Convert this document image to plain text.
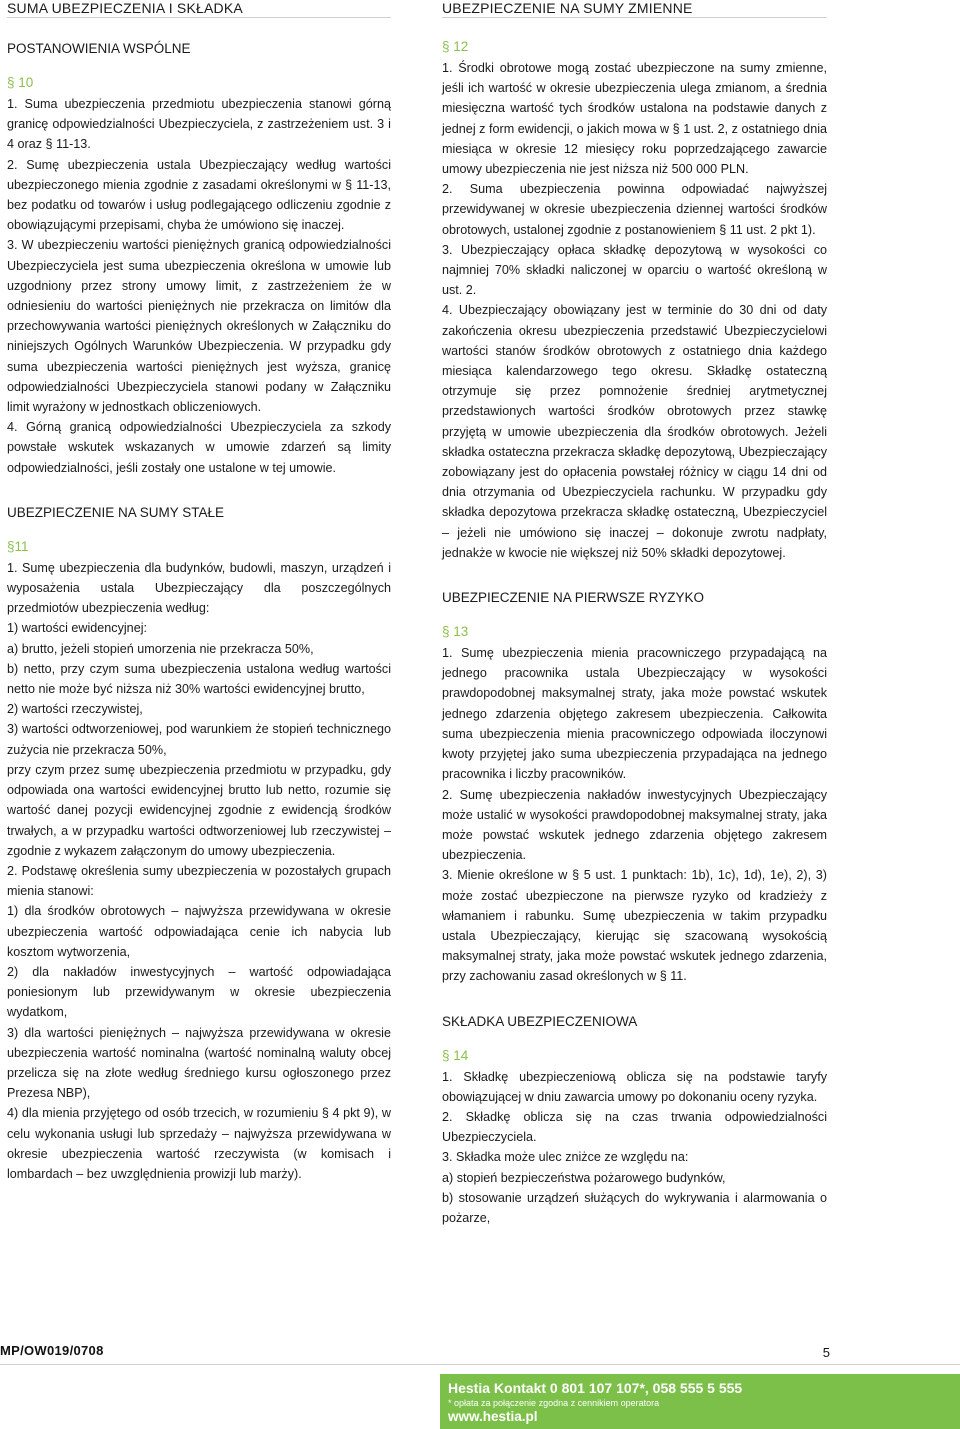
SUMA UBEZPIECZENIA I SKŁADKA
POSTANOWIENIA WSPÓLNE
§ 10

1. Suma ubezpieczenia przedmiotu ubezpieczenia stanowi górną granicę odpowiedzialności Ubezpieczyciela, z zastrzeżeniem ust. 3 i 4 oraz § 11-13.

2. Sumę ubezpieczenia ustala Ubezpieczający według wartości ubezpieczonego mienia zgodnie z zasadami określonymi w § 11-13, bez podatku od towarów i usług podlegającego odliczeniu zgodnie z obowiązującymi przepisami, chyba że umówiono się inaczej.

3. W ubezpieczeniu wartości pieniężnych granicą odpowiedzialności Ubezpieczyciela jest suma ubezpieczenia określona w umowie lub uzgodniony przez strony umowy limit, z zastrzeżeniem że w odniesieniu do wartości pieniężnych nie przekracza on limitów dla przechowywania wartości pieniężnych określonych w Załączniku do niniejszych Ogólnych Warunków Ubezpieczenia. W przypadku gdy suma ubezpieczenia wartości pieniężnych jest wyższa, granicę odpowiedzialności Ubezpieczyciela stanowi podany w Załączniku limit wyrażony w jednostkach obliczeniowych.

4. Górną granicą odpowiedzialności Ubezpieczyciela za szkody powstałe wskutek wskazanych w umowie zdarzeń są limity odpowiedzialności, jeśli zostały one ustalone w tej umowie.

UBEZPIECZENIE NA SUMY STAŁE
§11

1. Sumę ubezpieczenia dla budynków, budowli, maszyn, urządzeń i wyposażenia ustala Ubezpieczający dla poszczególnych przedmiotów ubezpieczenia według:

1) wartości ewidencyjnej:

a) brutto, jeżeli stopień umorzenia nie przekracza 50%,

b) netto, przy czym suma ubezpieczenia ustalona według wartości netto nie może być niższa niż 30% wartości ewidencyjnej brutto,

2) wartości rzeczywistej,

3) wartości odtworzeniowej, pod warunkiem że stopień technicznego zużycia nie przekracza 50%,

przy czym przez sumę ubezpieczenia przedmiotu w przypadku, gdy odpowiada ona wartości ewidencyjnej brutto lub netto, rozumie się wartość danej pozycji ewidencyjnej zgodnie z ewidencją środków trwałych, a w przypadku wartości odtworzeniowej lub rzeczywistej – zgodnie z wykazem załączonym do umowy ubezpieczenia.

2. Podstawę określenia sumy ubezpieczenia w pozostałych grupach mienia stanowi:

1) dla środków obrotowych – najwyższa przewidywana w okresie ubezpieczenia wartość odpowiadająca cenie ich nabycia lub kosztom wytworzenia,

2) dla nakładów inwestycyjnych – wartość odpowiadająca poniesionym lub przewidywanym w okresie ubezpieczenia wydatkom,

3) dla wartości pieniężnych – najwyższa przewidywana w okresie ubezpieczenia wartość nominalna (wartość nominalną waluty obcej przelicza się na złote według średniego kursu ogłoszonego przez Prezesa NBP),

4) dla mienia przyjętego od osób trzecich, w rozumieniu § 4 pkt 9), w celu wykonania usługi lub sprzedaży – najwyższa przewidywana w okresie ubezpieczenia wartość rzeczywista (w komisach i lombardach – bez uwzględnienia prowizji lub marży).

UBEZPIECZENIE NA SUMY ZMIENNE
§ 12

1. Środki obrotowe mogą zostać ubezpieczone na sumy zmienne, jeśli ich wartość w okresie ubezpieczenia ulega zmianom, a średnia miesięczna wartość tych środków ustalona na podstawie danych z jednej z form ewidencji, o jakich mowa w § 1 ust. 2, z ostatniego dnia miesiąca w okresie 12 miesięcy roku poprzedzającego zawarcie umowy ubezpieczenia nie jest niższa niż 500 000 PLN.

2. Suma ubezpieczenia powinna odpowiadać najwyższej przewidywanej w okresie ubezpieczenia dziennej wartości środków obrotowych, ustalonej zgodnie z postanowieniem § 11 ust. 2 pkt 1).

3. Ubezpieczający opłaca składkę depozytową w wysokości co najmniej 70% składki naliczonej w oparciu o wartość określoną w ust. 2.

4. Ubezpieczający obowiązany jest w terminie do 30 dni od daty zakończenia okresu ubezpieczenia przedstawić Ubezpieczycielowi wartości stanów środków obrotowych z ostatniego dnia każdego miesiąca kalendarzowego tego okresu. Składkę ostateczną otrzymuje się przez pomnożenie średniej arytmetycznej przedstawionych wartości środków obrotowych przez stawkę przyjętą w umowie ubezpieczenia dla środków obrotowych. Jeżeli składka ostateczna przekracza składkę depozytową, Ubezpieczający zobowiązany jest do opłacenia powstałej różnicy w ciągu 14 dni od dnia otrzymania od Ubezpieczyciela rachunku. W przypadku gdy składka depozytowa przekracza składkę ostateczną, Ubezpieczyciel – jeżeli nie umówiono się inaczej – dokonuje zwrotu nadpłaty, jednakże w kwocie nie większej niż 50% składki depozytowej.

UBEZPIECZENIE NA PIERWSZE RYZYKO
§ 13

1. Sumę ubezpieczenia mienia pracowniczego przypadającą na jednego pracownika ustala Ubezpieczający w wysokości prawdopodobnej maksymalnej straty, jaka może powstać wskutek jednego zdarzenia objętego zakresem ubezpieczenia. Całkowita suma ubezpieczenia mienia pracowniczego odpowiada iloczynowi kwoty przyjętej jako suma ubezpieczenia przypadająca na jednego pracownika i liczby pracowników.

2. Sumę ubezpieczenia nakładów inwestycyjnych Ubezpieczający może ustalić w wysokości prawdopodobnej maksymalnej straty, jaka może powstać wskutek jednego zdarzenia objętego zakresem ubezpieczenia.

3. Mienie określone w § 5 ust. 1 punktach: 1b), 1c), 1d), 1e), 2), 3) może zostać ubezpieczone na pierwsze ryzyko od kradzieży z włamaniem i rabunku. Sumę ubezpieczenia w takim przypadku ustala Ubezpieczający, kierując się szacowaną wysokością maksymalnej straty, jaka może powstać wskutek jednego zdarzenia, przy zachowaniu zasad określonych w § 11.

SKŁADKA UBEZPIECZENIOWA
§ 14

1. Składkę ubezpieczeniową oblicza się na podstawie taryfy obowiązującej w dniu zawarcia umowy po dokonaniu oceny ryzyka.

2. Składkę oblicza się na czas trwania odpowiedzialności Ubezpieczyciela.

3. Składka może ulec zniżce ze względu na:

a) stopień bezpieczeństwa pożarowego budynków,

b) stosowanie urządzeń służących do wykrywania i alarmowania o pożarze,

MP/OW019/0708	5
Hestia Kontakt 0 801 107 107*, 058 555 5 555
* opłata za połączenie zgodna z cennikiem operatora
www.hestia.pl
